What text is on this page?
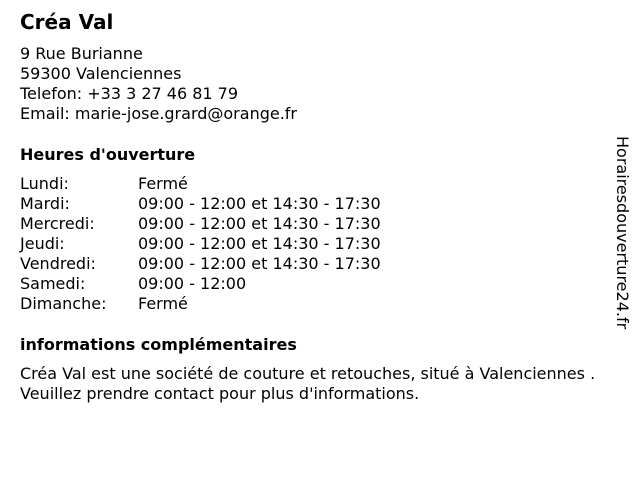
Créa Val
9 Rue Burianne
59300 Valenciennes
Telefon: +33 3 27 46 81 79
Email: marie-jose.grard@orange.fr
Heures d'ouverture
Lundi:	Fermé
Mardi:	09:00 - 12:00 et 14:30 - 17:30
Mercredi:	09:00 - 12:00 et 14:30 - 17:30
Jeudi:	09:00 - 12:00 et 14:30 - 17:30
Vendredi:	09:00 - 12:00 et 14:30 - 17:30
Samedi:	09:00 - 12:00
Dimanche: Fermé
informations complémentaires
Créa Val est une société de couture et retouches, situé à Valenciennes . Veuillez prendre contact pour plus d'informations.
Horairesdouverture24.fr
